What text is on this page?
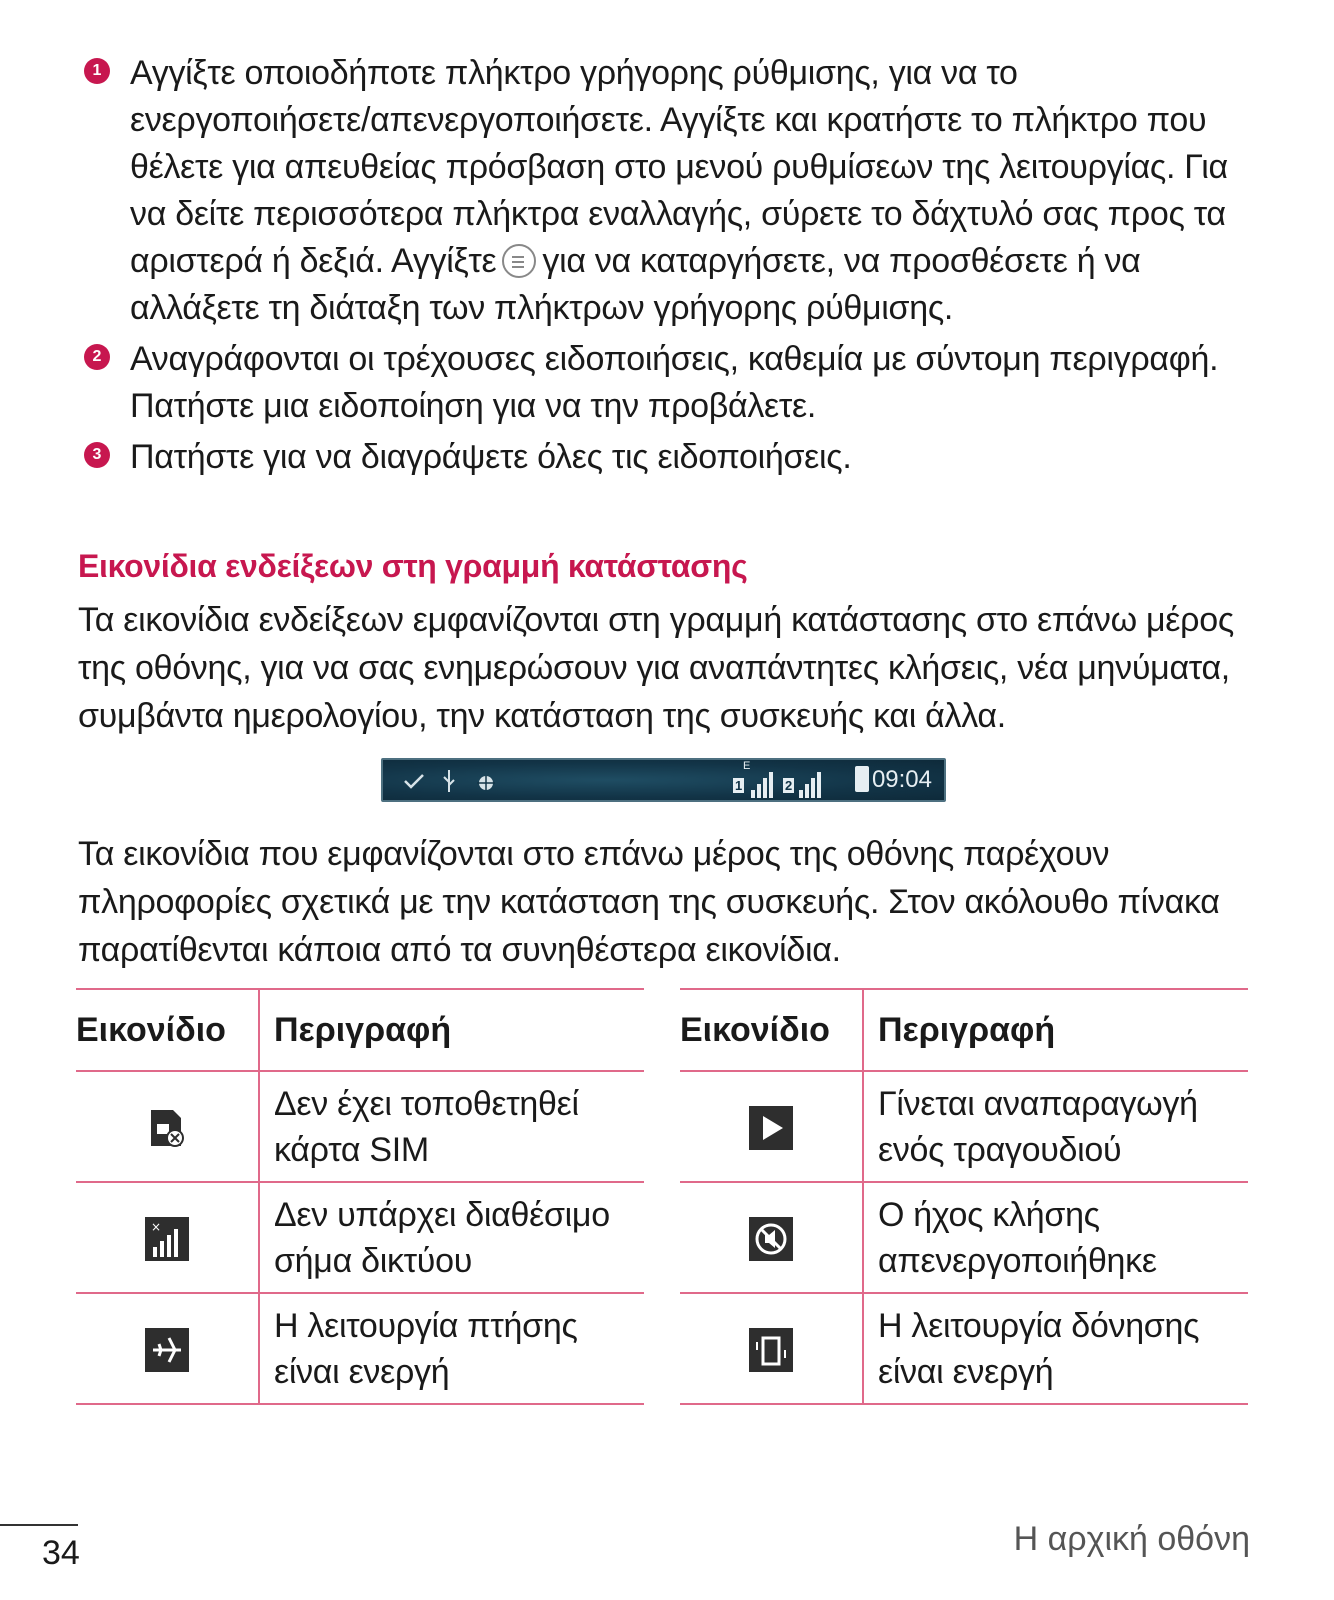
1 Αγγίξτε οποιοδήποτε πλήκτρο γρήγορης ρύθμισης, για να το ενεργοποιήσετε/απενεργοποιήσετε. Αγγίξτε και κρατήστε το πλήκτρο που θέλετε για απευθείας πρόσβαση στο μενού ρυθμίσεων της λειτουργίας. Για να δείτε περισσότερα πλήκτρα εναλλαγής, σύρετε το δάχτυλό σας προς τα αριστερά ή δεξιά. Αγγίξτε για να καταργήσετε, να προσθέσετε ή να αλλάξετε τη διάταξη των πλήκτρων γρήγορης ρύθμισης.
2 Αναγράφονται οι τρέχουσες ειδοποιήσεις, καθεμία με σύντομη περιγραφή. Πατήστε μια ειδοποίηση για να την προβάλετε.
3 Πατήστε για να διαγράψετε όλες τις ειδοποιήσεις.
Εικονίδια ενδείξεων στη γραμμή κατάστασης
Τα εικονίδια ενδείξεων εμφανίζονται στη γραμμή κατάστασης στο επάνω μέρος της οθόνης, για να σας ενημερώσουν για αναπάντητες κλήσεις, νέα μηνύματα, συμβάντα ημερολογίου, την κατάσταση της συσκευής και άλλα.
1
E
2	09:04
Τα εικονίδια που εμφανίζονται στο επάνω μέρος της οθόνης παρέχουν πληροφορίες σχετικά με την κατάσταση της συσκευής. Στον ακόλουθο πίνακα παρατίθενται κάποια από τα συνηθέστερα εικονίδια.
Εικονίδιο	Περιγραφή
	Δεν έχει τοποθετηθεί κάρτα SIM

×	Δεν υπάρχει διαθέσιμο σήμα δικτύου
	Η λειτουργία πτήσης είναι ενεργή
Εικονίδιο	Περιγραφή
	Γίνεται αναπαραγωγή ενός τραγουδιού
	Ο ήχος κλήσης απενεργοποιήθηκε
	Η λειτουργία δόνησης είναι ενεργή
34	Η αρχική οθόνη
